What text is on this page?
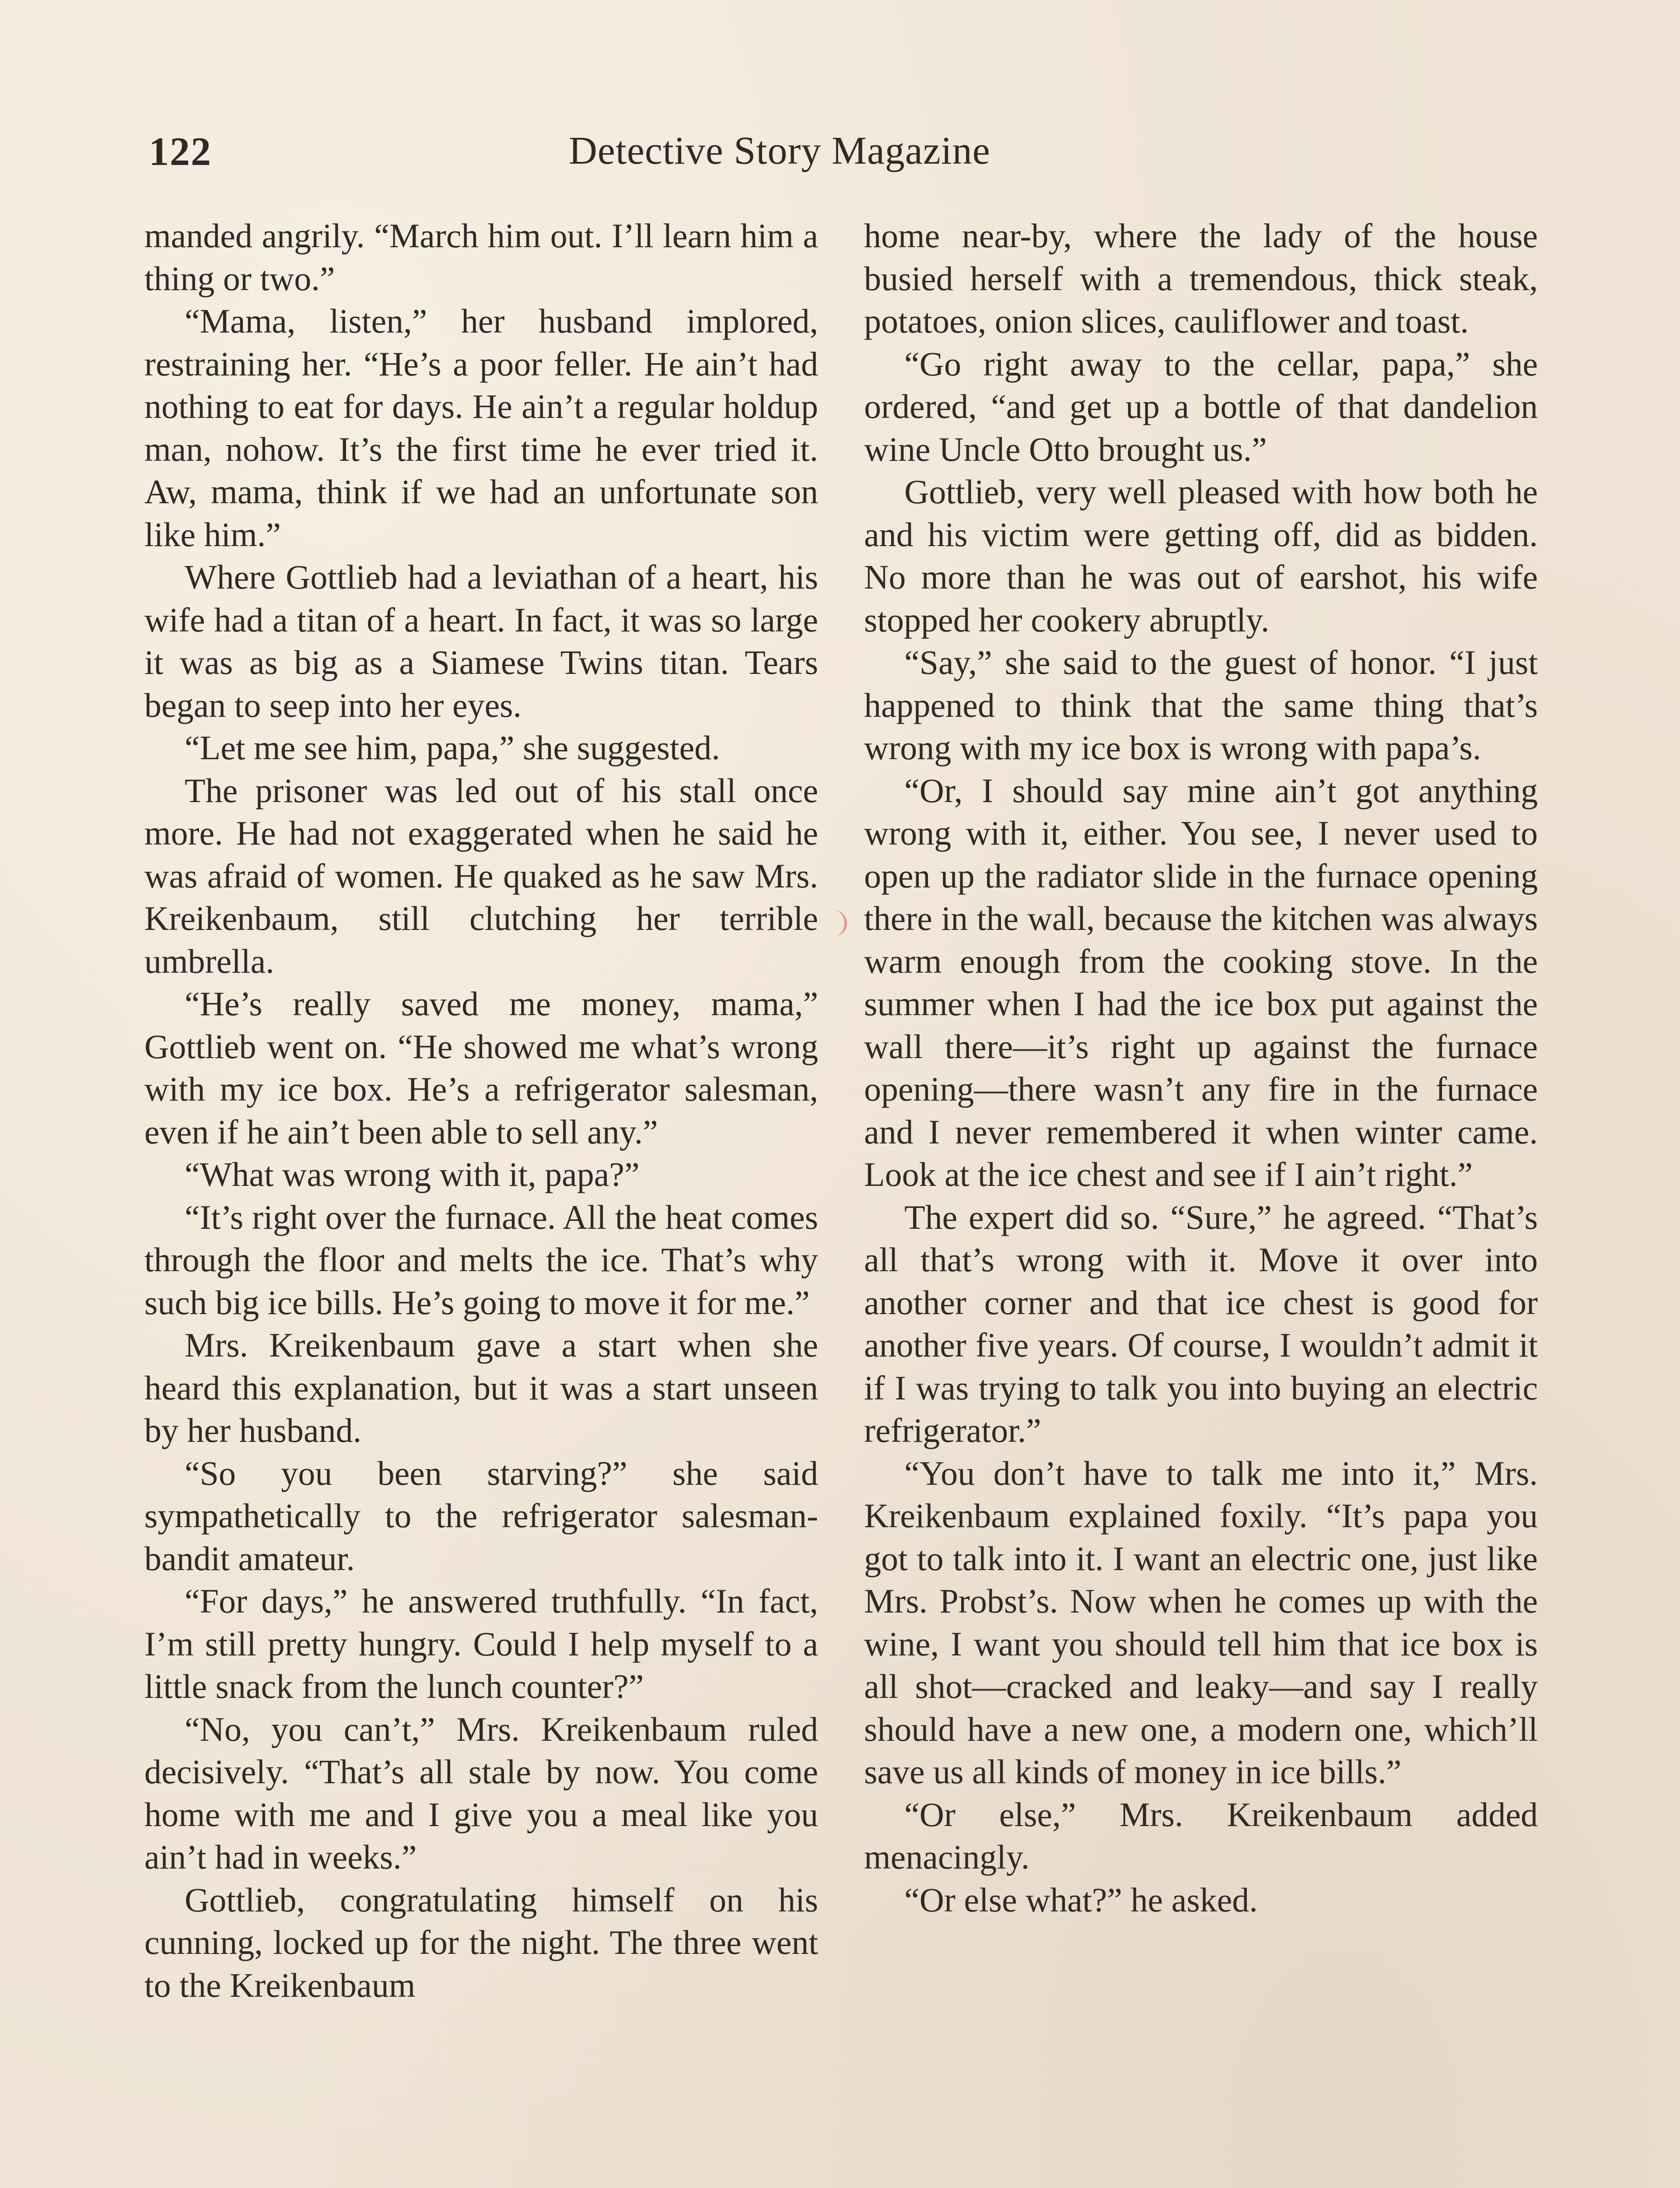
122	Detective Story Magazine

manded angrily. “March him out. I’ll learn him a thing or two.”

“Mama, listen,” her husband implored, restraining her. “He’s a poor feller. He ain’t had nothing to eat for days. He ain’t a regular holdup man, nohow. It’s the first time he ever tried it. Aw, mama, think if we had an unfortunate son like him.”

Where Gottlieb had a leviathan of a heart, his wife had a titan of a heart. In fact, it was so large it was as big as a Siamese Twins titan. Tears began to seep into her eyes.

“Let me see him, papa,” she suggested.

The prisoner was led out of his stall once more. He had not exaggerated when he said he was afraid of women. He quaked as he saw Mrs. Kreikenbaum, still clutching her terrible umbrella.

“He’s really saved me money, mama,” Gottlieb went on. “He showed me what’s wrong with my ice box. He’s a refrigerator salesman, even if he ain’t been able to sell any.”

“What was wrong with it, papa?”

“It’s right over the furnace. All the heat comes through the floor and melts the ice. That’s why such big ice bills. He’s going to move it for me.”

Mrs. Kreikenbaum gave a start when she heard this explanation, but it was a start unseen by her husband.

“So you been starving?” she said sympathetically to the refrigerator salesman-bandit amateur.

“For days,” he answered truthfully. “In fact, I’m still pretty hungry. Could I help myself to a little snack from the lunch counter?”

“No, you can’t,” Mrs. Kreikenbaum ruled decisively. “That’s all stale by now. You come home with me and I give you a meal like you ain’t had in weeks.”

Gottlieb, congratulating himself on his cunning, locked up for the night. The three went to the Kreikenbaum

home near-by, where the lady of the house busied herself with a tremendous, thick steak, potatoes, onion slices, cauliflower and toast.

“Go right away to the cellar, papa,” she ordered, “and get up a bottle of that dandelion wine Uncle Otto brought us.”

Gottlieb, very well pleased with how both he and his victim were getting off, did as bidden. No more than he was out of earshot, his wife stopped her cookery abruptly.

“Say,” she said to the guest of honor. “I just happened to think that the same thing that’s wrong with my ice box is wrong with papa’s.

“Or, I should say mine ain’t got anything wrong with it, either. You see, I never used to open up the radiator slide in the furnace opening there in the wall, because the kitchen was always warm enough from the cooking stove. In the summer when I had the ice box put against the wall there—it’s right up against the furnace opening—there wasn’t any fire in the furnace and I never remembered it when winter came. Look at the ice chest and see if I ain’t right.”

The expert did so. “Sure,” he agreed. “That’s all that’s wrong with it. Move it over into another corner and that ice chest is good for another five years. Of course, I wouldn’t admit it if I was trying to talk you into buying an electric refrigerator.”

“You don’t have to talk me into it,” Mrs. Kreikenbaum explained foxily. “It’s papa you got to talk into it. I want an electric one, just like Mrs. Probst’s. Now when he comes up with the wine, I want you should tell him that ice box is all shot—cracked and leaky—and say I really should have a new one, a modern one, which’ll save us all kinds of money in ice bills.”

“Or else,” Mrs. Kreikenbaum added menacingly.

“Or else what?” he asked.
